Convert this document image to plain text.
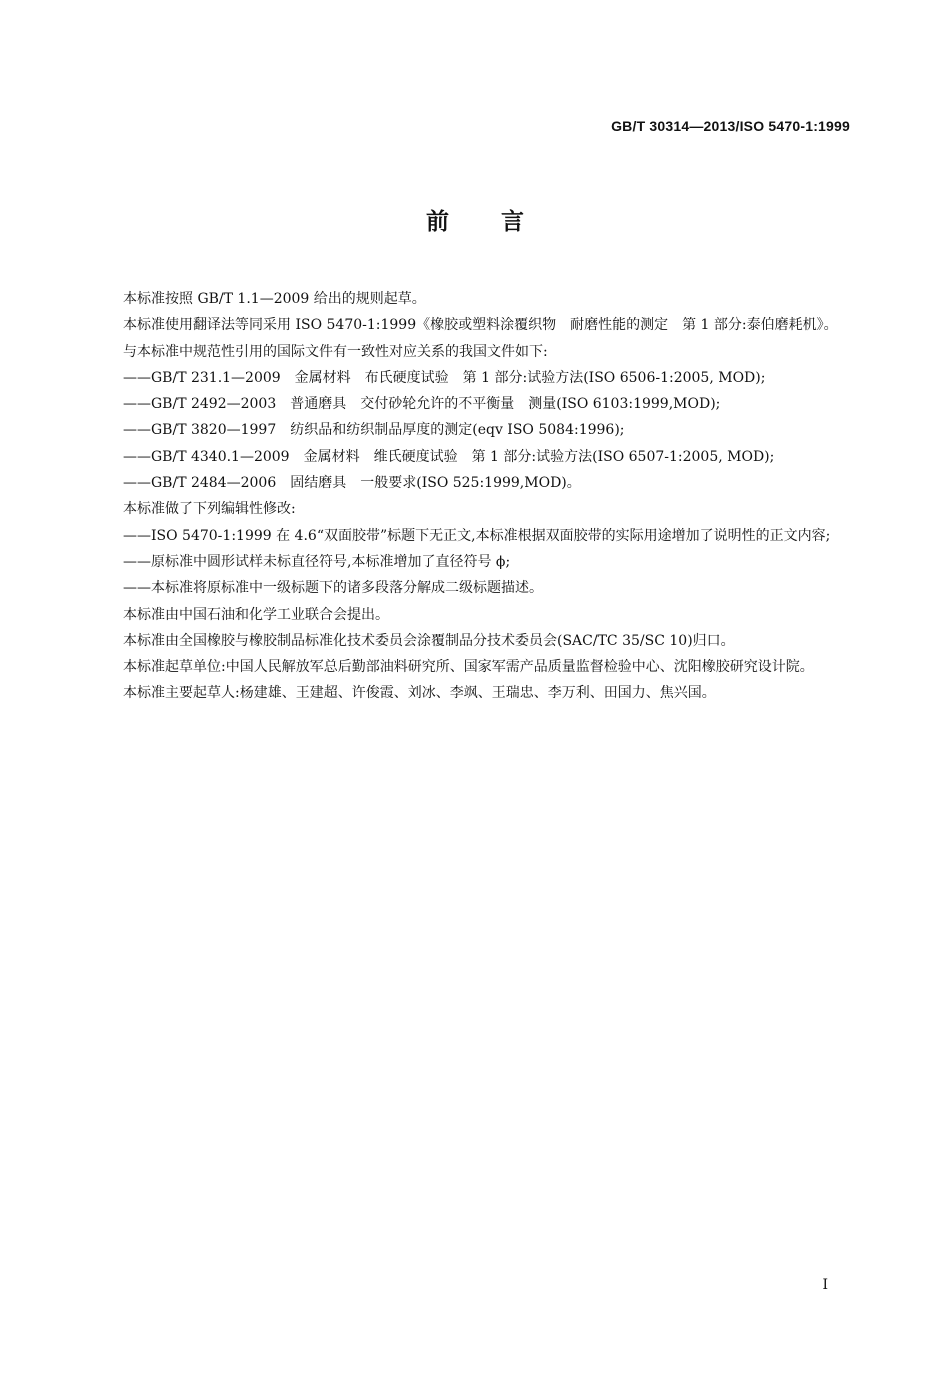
GB/T 30314—2013/ISO 5470-1:1999
前 言

本标准按照 GB/T 1.1—2009 给出的规则起草。

本标准使用翻译法等同采用 ISO 5470-1:1999《橡胶或塑料涂覆织物　耐磨性能的测定　第 1 部分:泰伯磨耗机》。

与本标准中规范性引用的国际文件有一致性对应关系的我国文件如下:

——GB/T 231.1—2009　金属材料　布氏硬度试验　第 1 部分:试验方法(ISO 6506-1:2005, MOD);

——GB/T 2492—2003　普通磨具　交付砂轮允许的不平衡量　测量(ISO 6103:1999,MOD);

——GB/T 3820—1997　纺织品和纺织制品厚度的测定(eqv ISO 5084:1996);

——GB/T 4340.1—2009　金属材料　维氏硬度试验　第 1 部分:试验方法(ISO 6507-1:2005, MOD);

——GB/T 2484—2006　固结磨具　一般要求(ISO 525:1999,MOD)。

本标准做了下列编辑性修改:

——ISO 5470-1:1999 在 4.6“双面胶带”标题下无正文,本标准根据双面胶带的实际用途增加了说明性的正文内容;

——原标准中圆形试样未标直径符号,本标准增加了直径符号 ϕ;

——本标准将原标准中一级标题下的诸多段落分解成二级标题描述。

本标准由中国石油和化学工业联合会提出。

本标准由全国橡胶与橡胶制品标准化技术委员会涂覆制品分技术委员会(SAC/TC 35/SC 10)归口。

本标准起草单位:中国人民解放军总后勤部油料研究所、国家军需产品质量监督检验中心、沈阳橡胶研究设计院。

本标准主要起草人:杨建雄、王建超、许俊霞、刘冰、李飒、王瑞忠、李万利、田国力、焦兴国。

I
